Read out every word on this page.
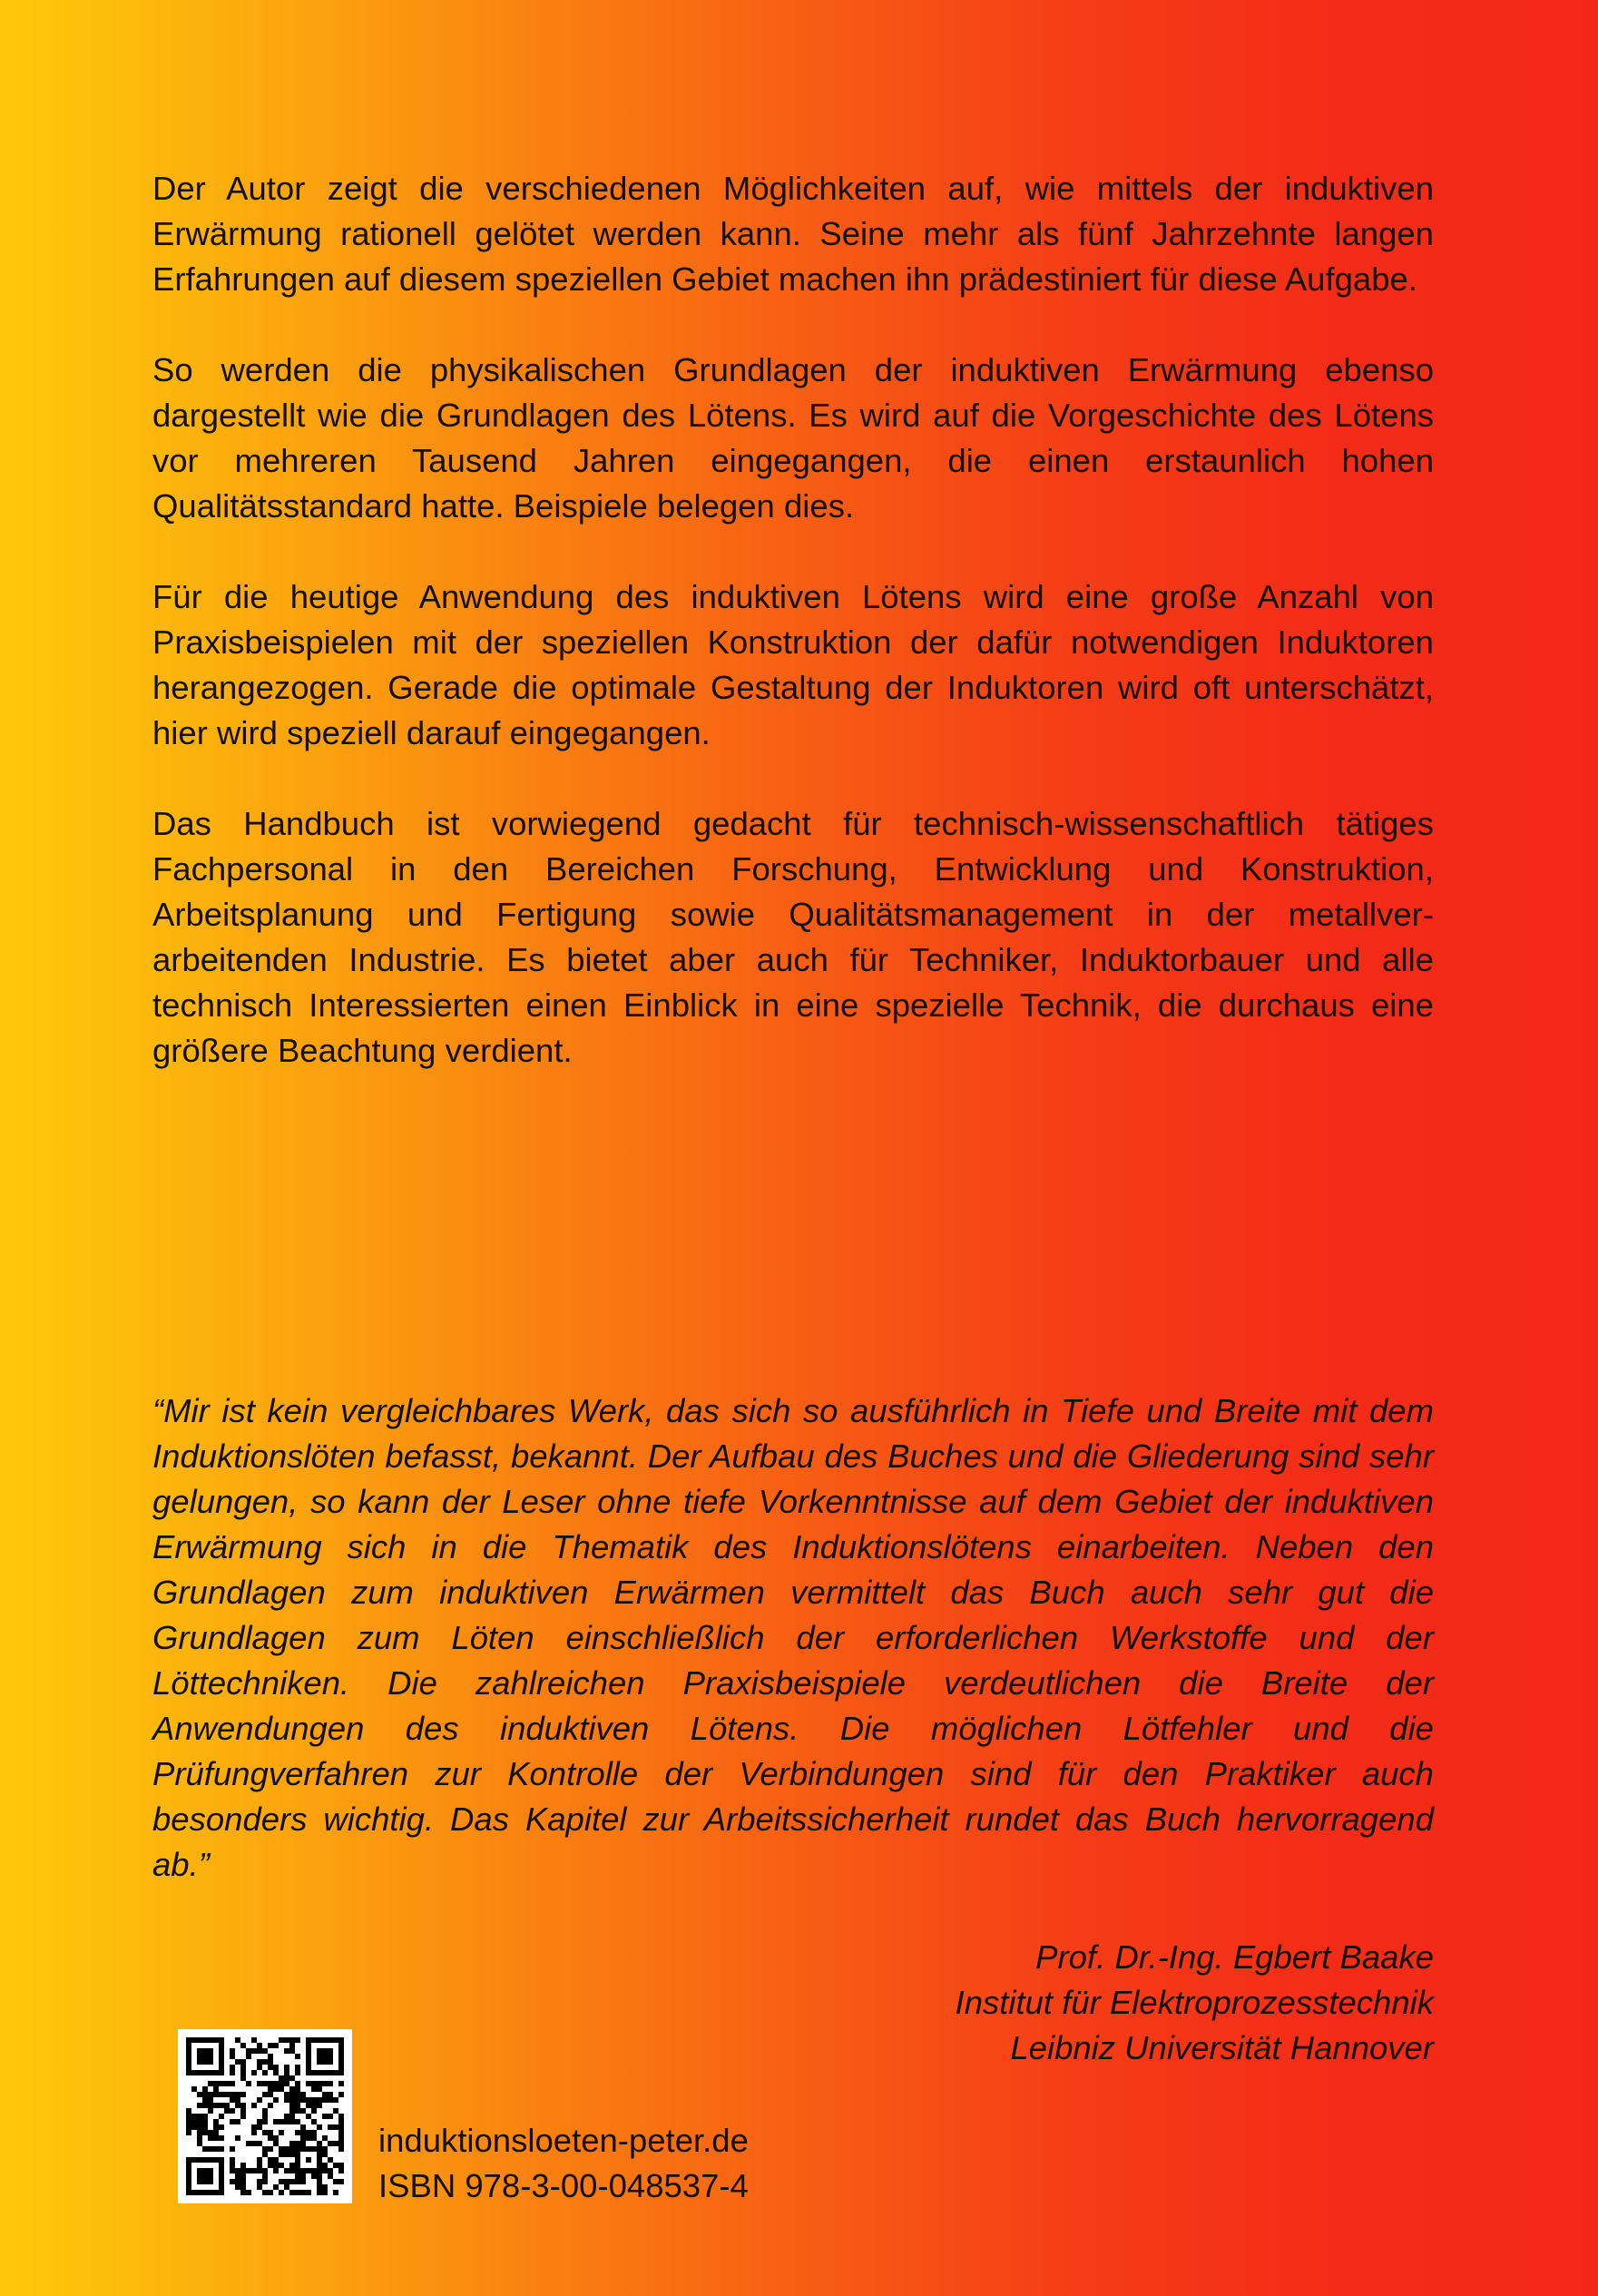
Der Autor zeigt die verschiedenen Möglichkeiten auf, wie mittels der induktiven Erwärmung rationell gelötet werden kann. Seine mehr als fünf Jahrzehnte langen Erfahrungen auf diesem speziellen Gebiet machen ihn prädestiniert für diese Aufgabe.

So werden die physikalischen Grundlagen der induktiven Erwärmung ebenso dargestellt wie die Grundlagen des Lötens. Es wird auf die Vorgeschichte des Lötens vor mehreren Tausend Jahren eingegangen, die einen erstaunlich hohen Qualitätsstandard hatte. Beispiele belegen dies.

Für die heutige Anwendung des induktiven Lötens wird eine große Anzahl von Praxisbeispielen mit der speziellen Konstruktion der dafür notwendigen Induktoren herangezogen. Gerade die optimale Gestaltung der Induktoren wird oft unterschätzt, hier wird speziell darauf eingegangen.

Das Handbuch ist vorwiegend gedacht für technisch-wissenschaftlich tätiges Fachpersonal in den Bereichen Forschung, Entwicklung und Konstruktion, Arbeitsplanung und Fertigung sowie Qualitätsmanagement in der metallver-arbeitenden Industrie. Es bietet aber auch für Techniker, Induktorbauer und alle technisch Interessierten einen Einblick in eine spezielle Technik, die durchaus eine größere Beachtung verdient.

“Mir ist kein vergleichbares Werk, das sich so ausführlich in Tiefe und Breite mit dem Induktionslöten befasst, bekannt. Der Aufbau des Buches und die Gliederung sind sehr gelungen, so kann der Leser ohne tiefe Vorkenntnisse auf dem Gebiet der induktiven Erwärmung sich in die Thematik des Induktionslötens einarbeiten. Neben den Grundlagen zum induktiven Erwärmen vermittelt das Buch auch sehr gut die Grundlagen zum Löten einschließlich der erforderlichen Werkstoffe und der Löttechniken. Die zahlreichen Praxisbeispiele verdeutlichen die Breite der Anwendungen des induktiven Lötens. Die möglichen Lötfehler und die Prüfungverfahren zur Kontrolle der Verbindungen sind für den Praktiker auch besonders wichtig. Das Kapitel zur Arbeitssicherheit rundet das Buch hervorragend ab.”

Prof. Dr.-Ing. Egbert Baake
Institut für Elektroprozesstechnik
Leibniz Universität Hannover
induktionsloeten-peter.de
ISBN 978-3-00-048537-4
